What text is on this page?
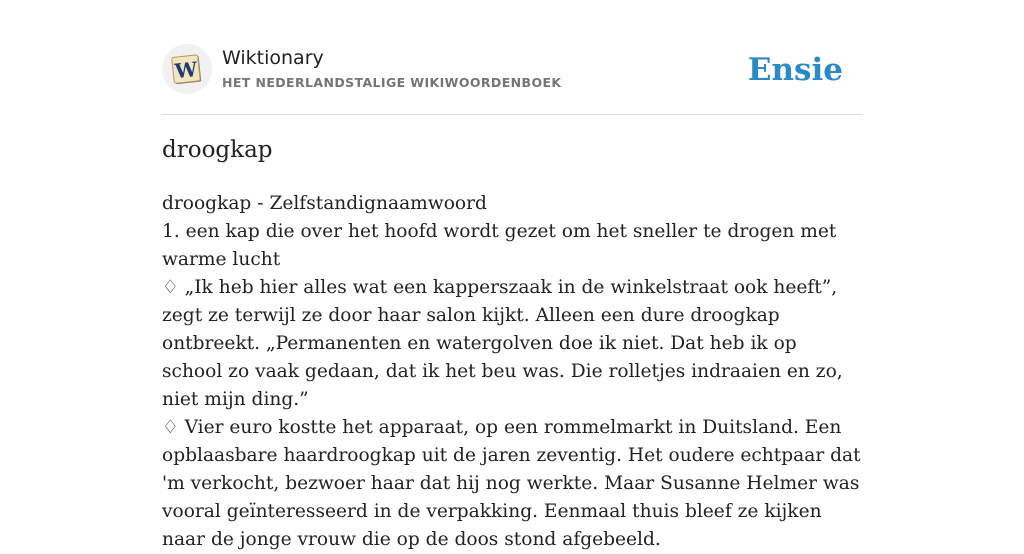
W Wiktionary
HET NEDERLANDSTALIGE WIKIWOORDENBOEK	Ensie
droogkap

droogkap - Zelfstandignaamwoord

1. een kap die over het hoofd wordt gezet om het sneller te drogen met warme lucht

♢ „Ik heb hier alles wat een kapperszaak in de winkelstraat ook heeft”, zegt ze terwijl ze door haar salon kijkt. Alleen een dure droogkap ontbreekt. „Permanenten en watergolven doe ik niet. Dat heb ik op school zo vaak gedaan, dat ik het beu was. Die rolletjes indraaien en zo, niet mijn ding.”

♢ Vier euro kostte het apparaat, op een rommelmarkt in Duitsland. Een opblaasbare haardroogkap uit de jaren zeventig. Het oudere echtpaar dat 'm verkocht, bezwoer haar dat hij nog werkte. Maar Susanne Helmer was vooral geïnteresseerd in de verpakking. Eenmaal thuis bleef ze kijken naar de jonge vrouw die op de doos stond afgebeeld.
